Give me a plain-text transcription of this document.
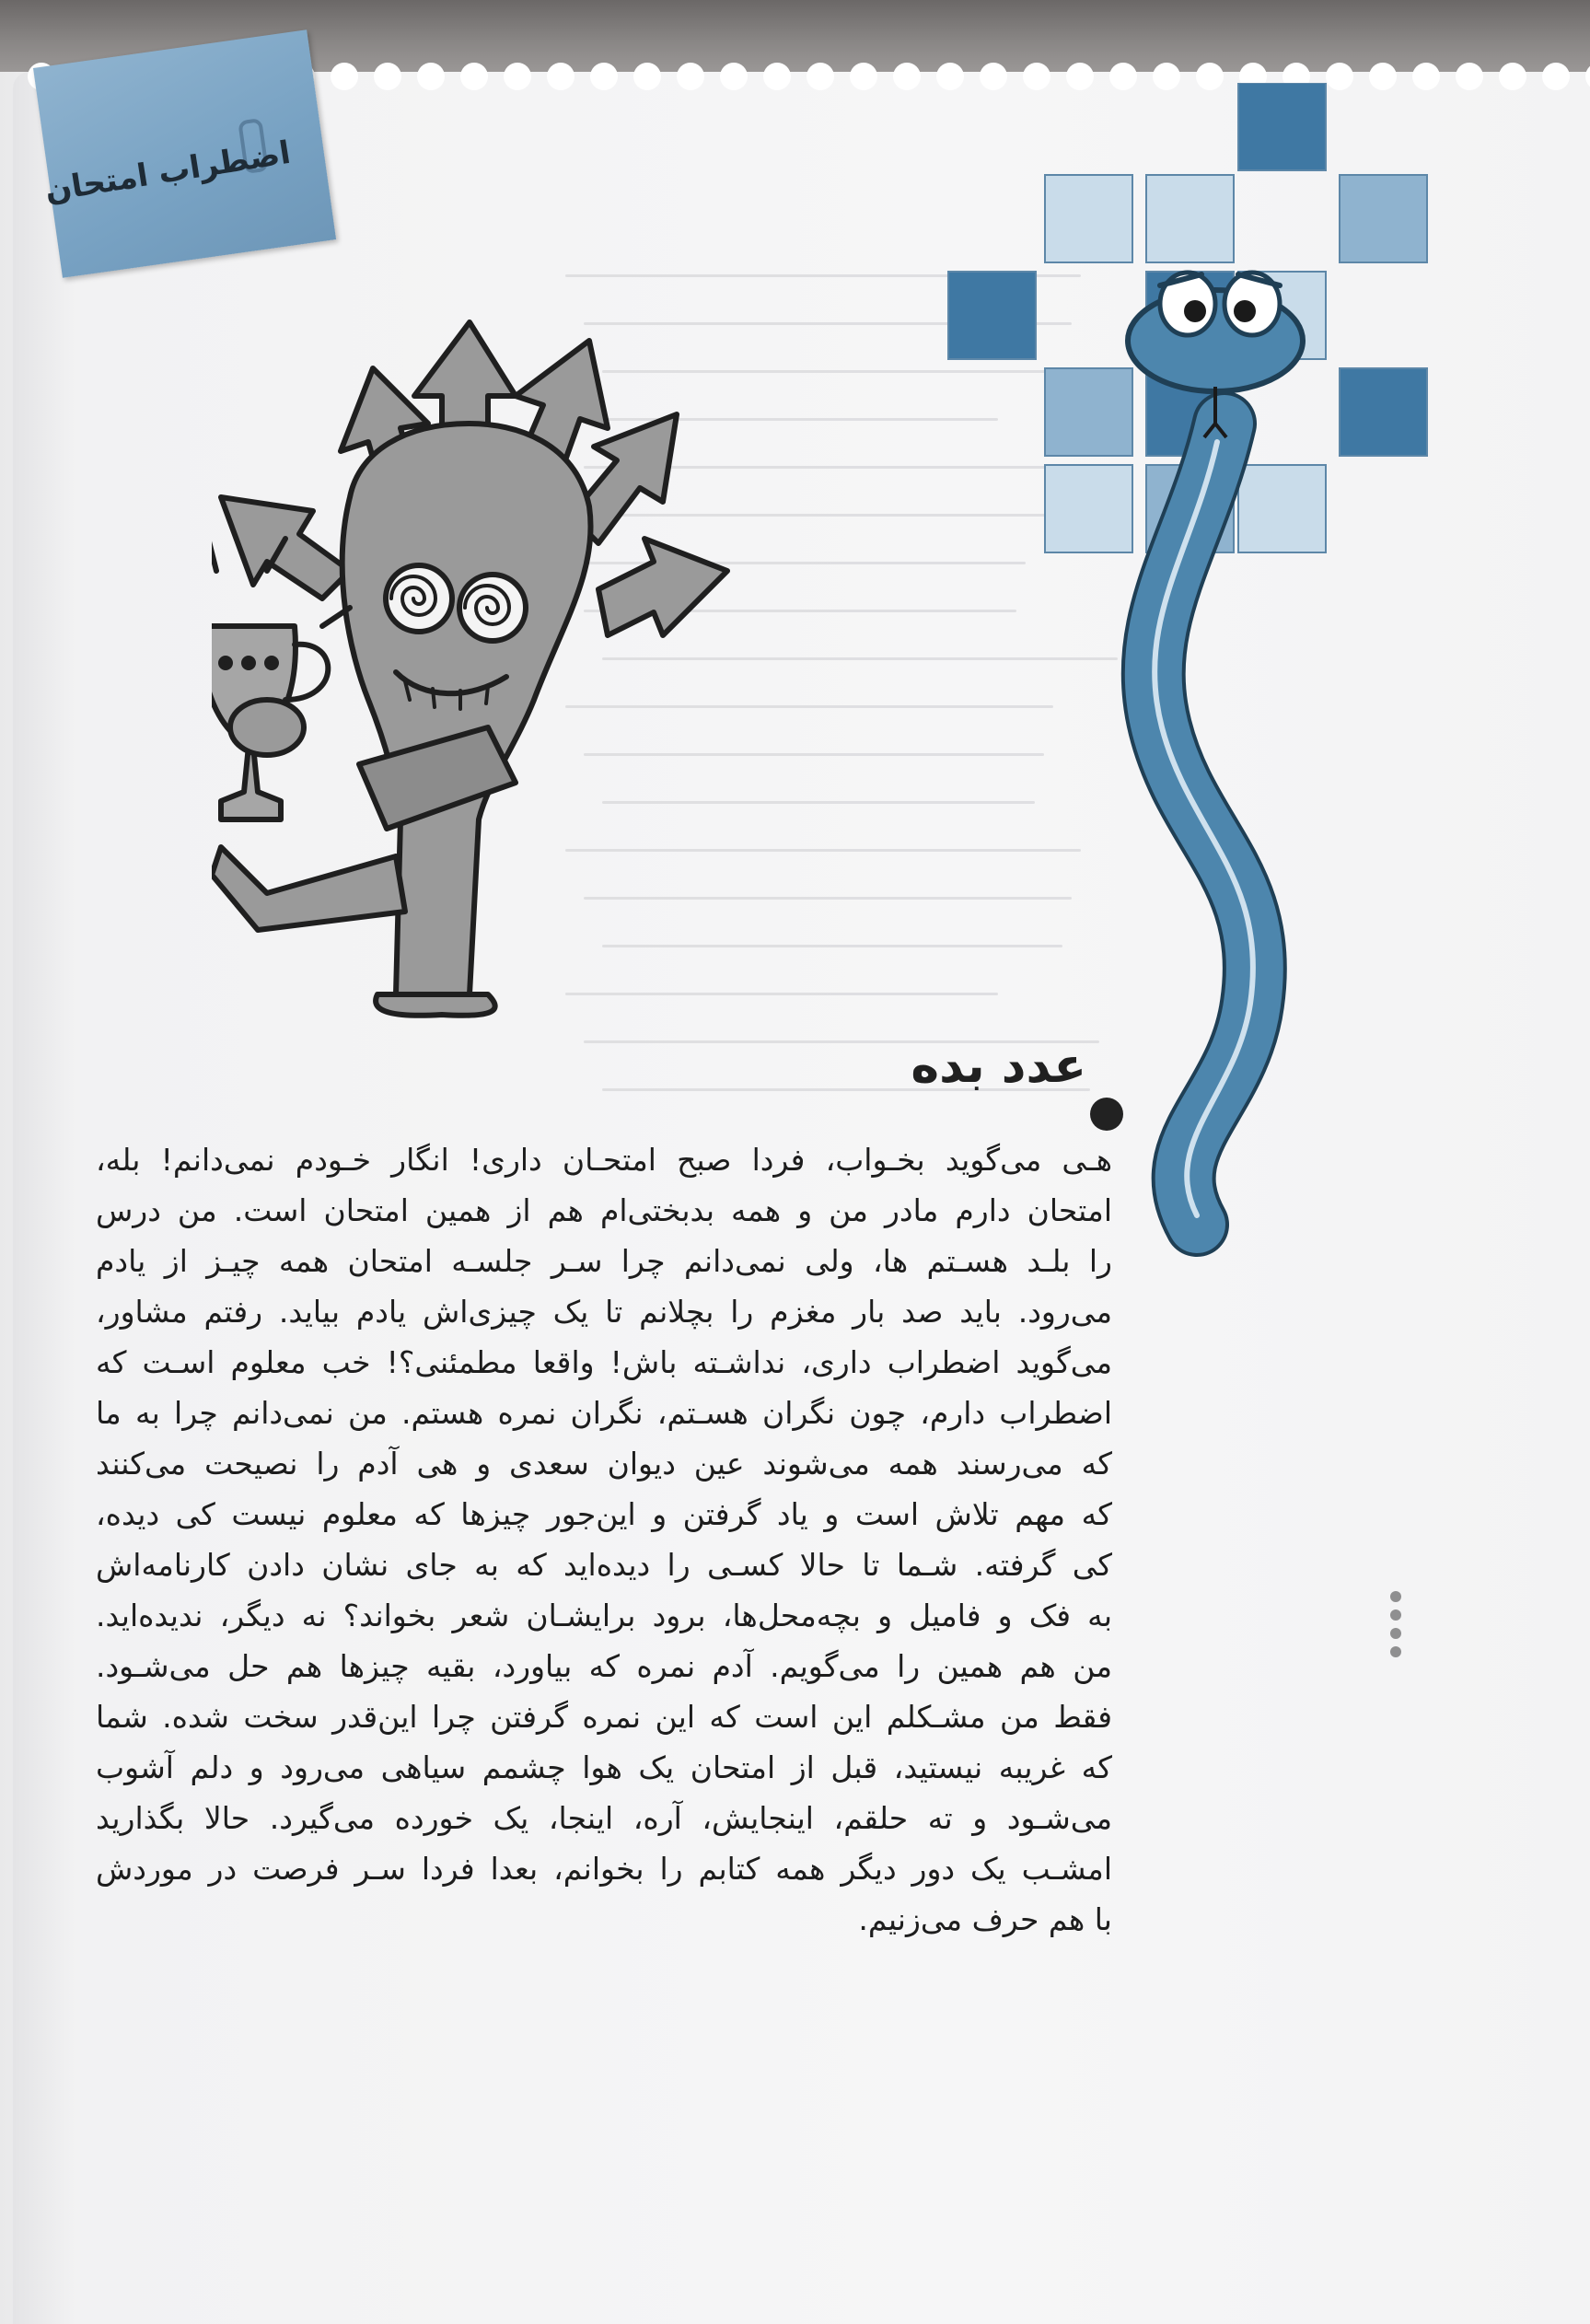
اضطراب امتحان
عدد بده
هـی می‌گوید بخـواب، فردا صبح امتحـان داری! انگار خـودم نمی‌دانم! بله،
امتحان دارم مادر من و همه بدبختی‌ام هم از همین امتحان است. من درس
را بلـد هسـتم ها، ولی نمی‌دانم چرا سـر جلسـه امتحان همه چیـز از یادم
می‌رود. باید صد بار مغزم را بچلانم تا یک چیزی‌اش یادم بیاید. رفتم مشاور،
می‌گوید اضطراب داری، نداشـته باش! واقعا مطمئنی؟! خب معلوم اسـت که
اضطراب دارم، چون نگران هسـتم، نگران نمره هستم. من نمی‌دانم چرا به ما
که می‌رسند همه می‌شوند عین دیوان سعدی و هی آدم را نصیحت می‌کنند
که مهم تلاش است و یاد گرفتن و این‌جور چیزها که معلوم نیست کی دیده،
کی گرفته. شـما تا حالا کسـی را دیده‌اید که به جای نشان دادن کارنامه‌اش
به فک و فامیل و بچه‌محل‌ها، برود برایشـان شعر بخواند؟ نه دیگر، ندیده‌اید.
من هم همین را می‌گویم. آدم نمره که بیاورد، بقیه چیزها هم حل می‌شـود.
فقط من مشـکلم این است که این نمره گرفتن چرا این‌قدر سخت شده. شما
که غریبه نیستید، قبل از امتحان یک هوا چشمم سیاهی می‌رود و دلم آشوب
می‌شـود و ته حلقم، اینجایش، آره، اینجا، یک خورده می‌گیرد. حالا بگذارید
امشـب یک دور دیگر همه کتابم را بخوانم، بعدا فردا سـر فرصت در موردش
با هم حرف می‌زنیم.
